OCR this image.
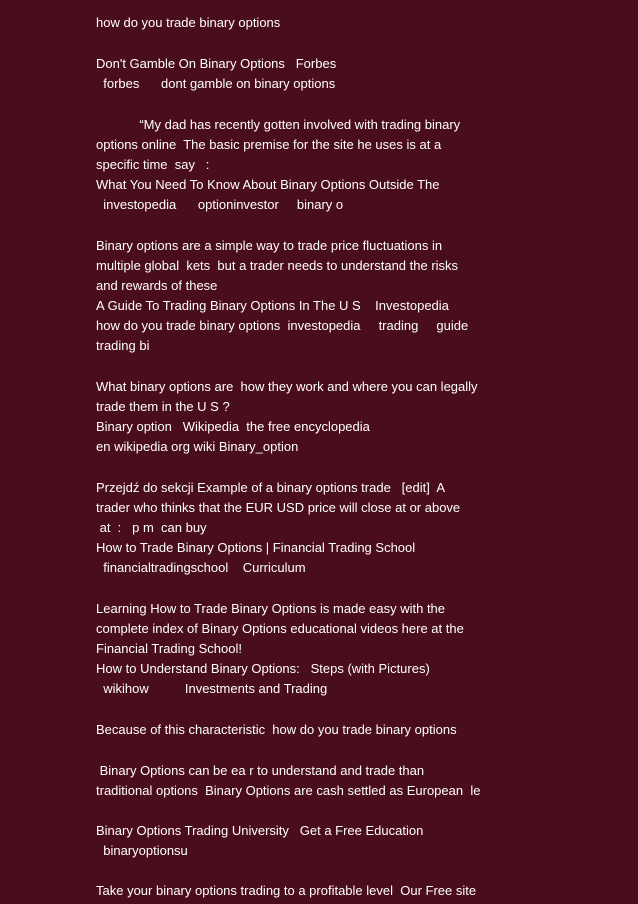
how do you trade binary options
Don't Gamble On Binary Options   Forbes
forbes      dont gamble on binary options
“My dad has recently gotten involved with trading binary
options online  The basic premise for the site he uses is at a
specific time  say   :
What You Need To Know About Binary Options Outside The
investopedia      optioninvestor     binary o
Binary options are a simple way to trade price fluctuations in
multiple global  kets  but a trader needs to understand the risks
and rewards of these
A Guide To Trading Binary Options In The U S    Investopedia
how do you trade binary options  investopedia     trading     guide
trading bi
What binary options are  how they work and where you can legally
trade them in the U S ?
Binary option   Wikipedia  the free encyclopedia
en wikipedia org wiki Binary_option
Przejdź do sekcji Example of a binary options trade   [edit]  A
trader who thinks that the EUR USD price will close at or above
at  :   p m  can buy
How to Trade Binary Options | Financial Trading School
financialtradingschool    Curriculum
Learning How to Trade Binary Options is made easy with the
complete index of Binary Options educational videos here at the
Financial Trading School!
How to Understand Binary Options:   Steps (with Pictures)
wikihow          Investments and Trading
Because of this characteristic  how do you trade binary options
Binary Options can be ea r to understand and trade than
traditional options  Binary Options are cash settled as European  le
Binary Options Trading University   Get a Free Education
binaryoptionsu
Take your binary options trading to a profitable level  Our Free site
